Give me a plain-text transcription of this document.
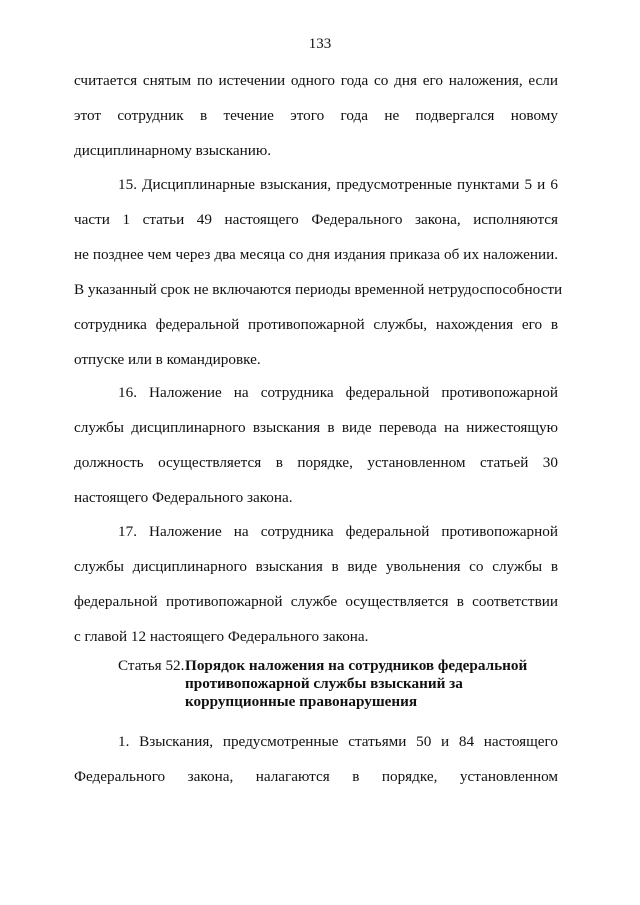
133
считается снятым по истечении одного года со дня его наложения, если
этот сотрудник в течение этого года не подвергался новому
дисциплинарному взысканию.
15. Дисциплинарные взыскания, предусмотренные пунктами 5 и 6
части 1 статьи 49 настоящего Федерального закона, исполняются
не позднее чем через два месяца со дня издания приказа об их наложении.
В указанный срок не включаются периоды временной нетрудоспособности
сотрудника федеральной противопожарной службы, нахождения его в
отпуске или в командировке.
16. Наложение на сотрудника федеральной противопожарной
службы дисциплинарного взыскания в виде перевода на нижестоящую
должность осуществляется в порядке, установленном статьей 30
настоящего Федерального закона.
17. Наложение на сотрудника федеральной противопожарной
службы дисциплинарного взыскания в виде увольнения со службы в
федеральной противопожарной службе осуществляется в соответствии
с главой 12 настоящего Федерального закона.
Статья 52. Порядок наложения на сотрудников федеральной
противопожарной службы взысканий за
коррупционные правонарушения
1. Взыскания, предусмотренные статьями 50 и 84 настоящего
Федерального закона, налагаются в порядке, установленном
